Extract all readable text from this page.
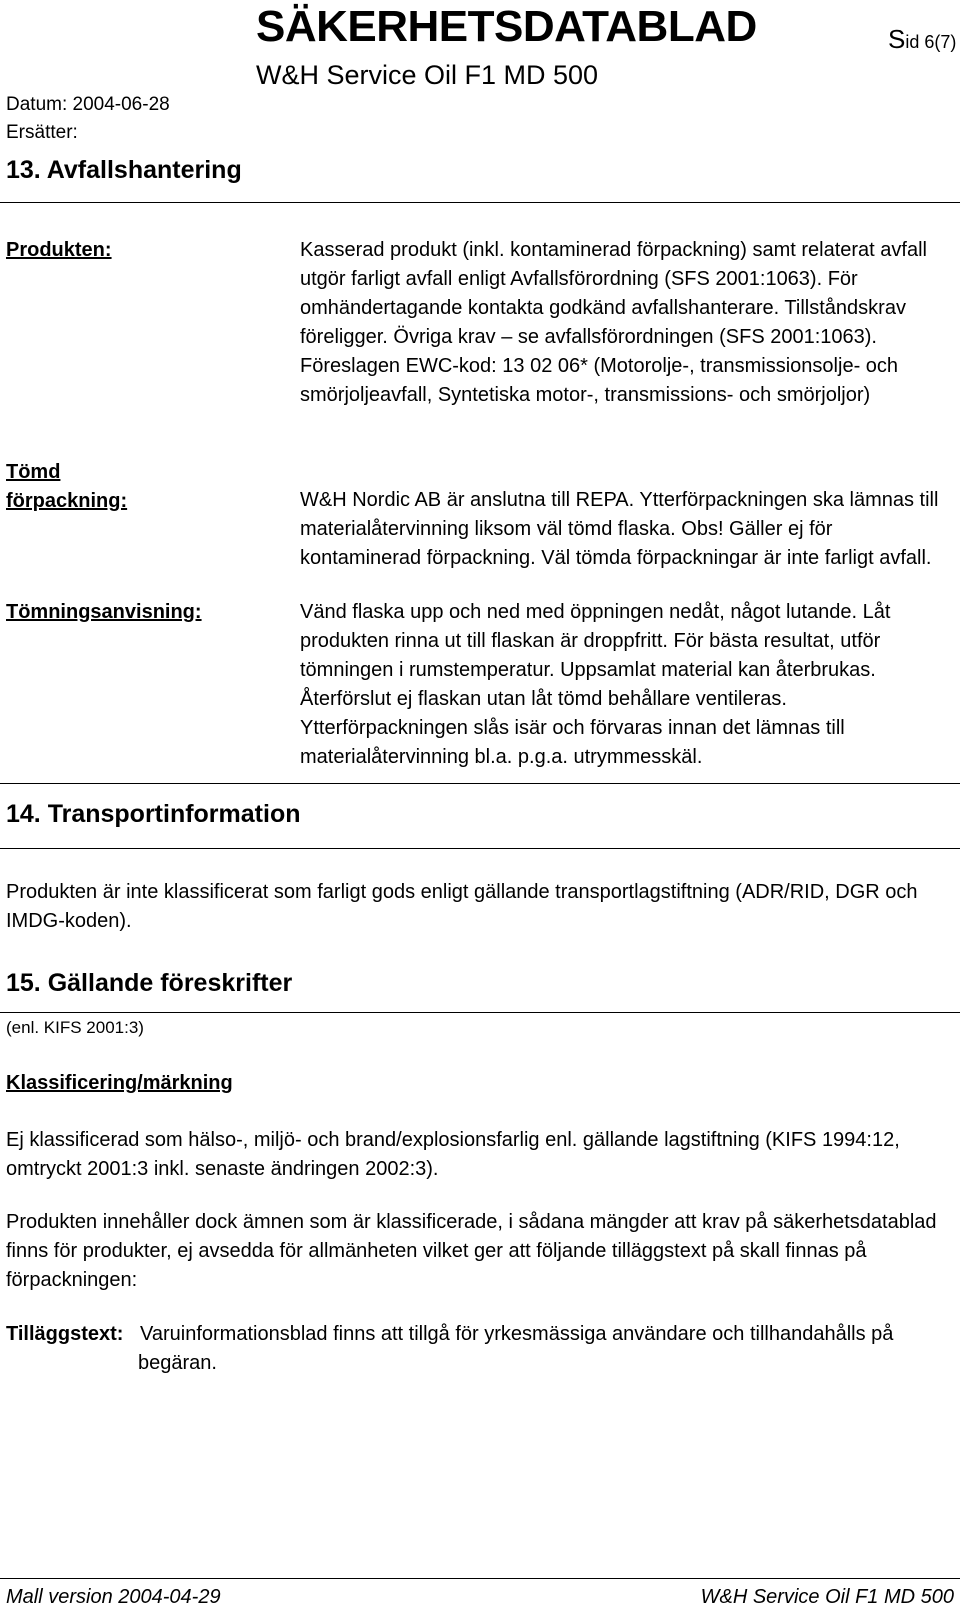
SÄKERHETSDATABLAD
W&H Service Oil F1 MD 500
Sid 6(7)
Datum: 2004-06-28
Ersätter:
13. Avfallshantering
Produkten:	Kasserad produkt (inkl. kontaminerad förpackning) samt relaterat avfall utgör farligt avfall enligt Avfallsförordning (SFS 2001:1063). För omhändertagande kontakta godkänd avfallshanterare. Tillståndskrav föreligger. Övriga krav – se avfallsförordningen (SFS 2001:1063). Föreslagen EWC-kod: 13 02 06* (Motorolje-, transmissionsolje- och smörjoljeavfall, Syntetiska motor-, transmissions- och smörjoljor)
Tömd förpackning:	W&H Nordic AB är anslutna till REPA. Ytterförpackningen ska lämnas till materialåtervinning liksom väl tömd flaska. Obs! Gäller ej för kontaminerad förpackning. Väl tömda förpackningar är inte farligt avfall.
Tömningsanvisning:	Vänd flaska upp och ned med öppningen nedåt, något lutande. Låt produkten rinna ut till flaskan är droppfritt. För bästa resultat, utför tömningen i rumstemperatur. Uppsamlat material kan återbrukas. Återförslut ej flaskan utan låt tömd behållare ventileras. Ytterförpackningen slås isär och förvaras innan det lämnas till materialåtervinning bl.a. p.g.a. utrymmesskäl.
14. Transportinformation
Produkten är inte klassificerat som farligt gods enligt gällande transportlagstiftning (ADR/RID, DGR och IMDG-koden).
15. Gällande föreskrifter
(enl. KIFS 2001:3)
Klassificering/märkning
Ej klassificerad som hälso-, miljö- och brand/explosionsfarlig enl. gällande lagstiftning (KIFS 1994:12, omtryckt 2001:3 inkl. senaste ändringen 2002:3).
Produkten innehåller dock ämnen som är klassificerade, i sådana mängder att krav på säkerhetsdatablad finns för produkter, ej avsedda för allmänheten vilket ger att följande tilläggstext på skall finnas på förpackningen:
Tilläggstext: Varuinformationsblad finns att tillgå för yrkesmässiga användare och tillhandahålls på begäran.
Mall version 2004-04-29	W&H Service Oil F1 MD 500
